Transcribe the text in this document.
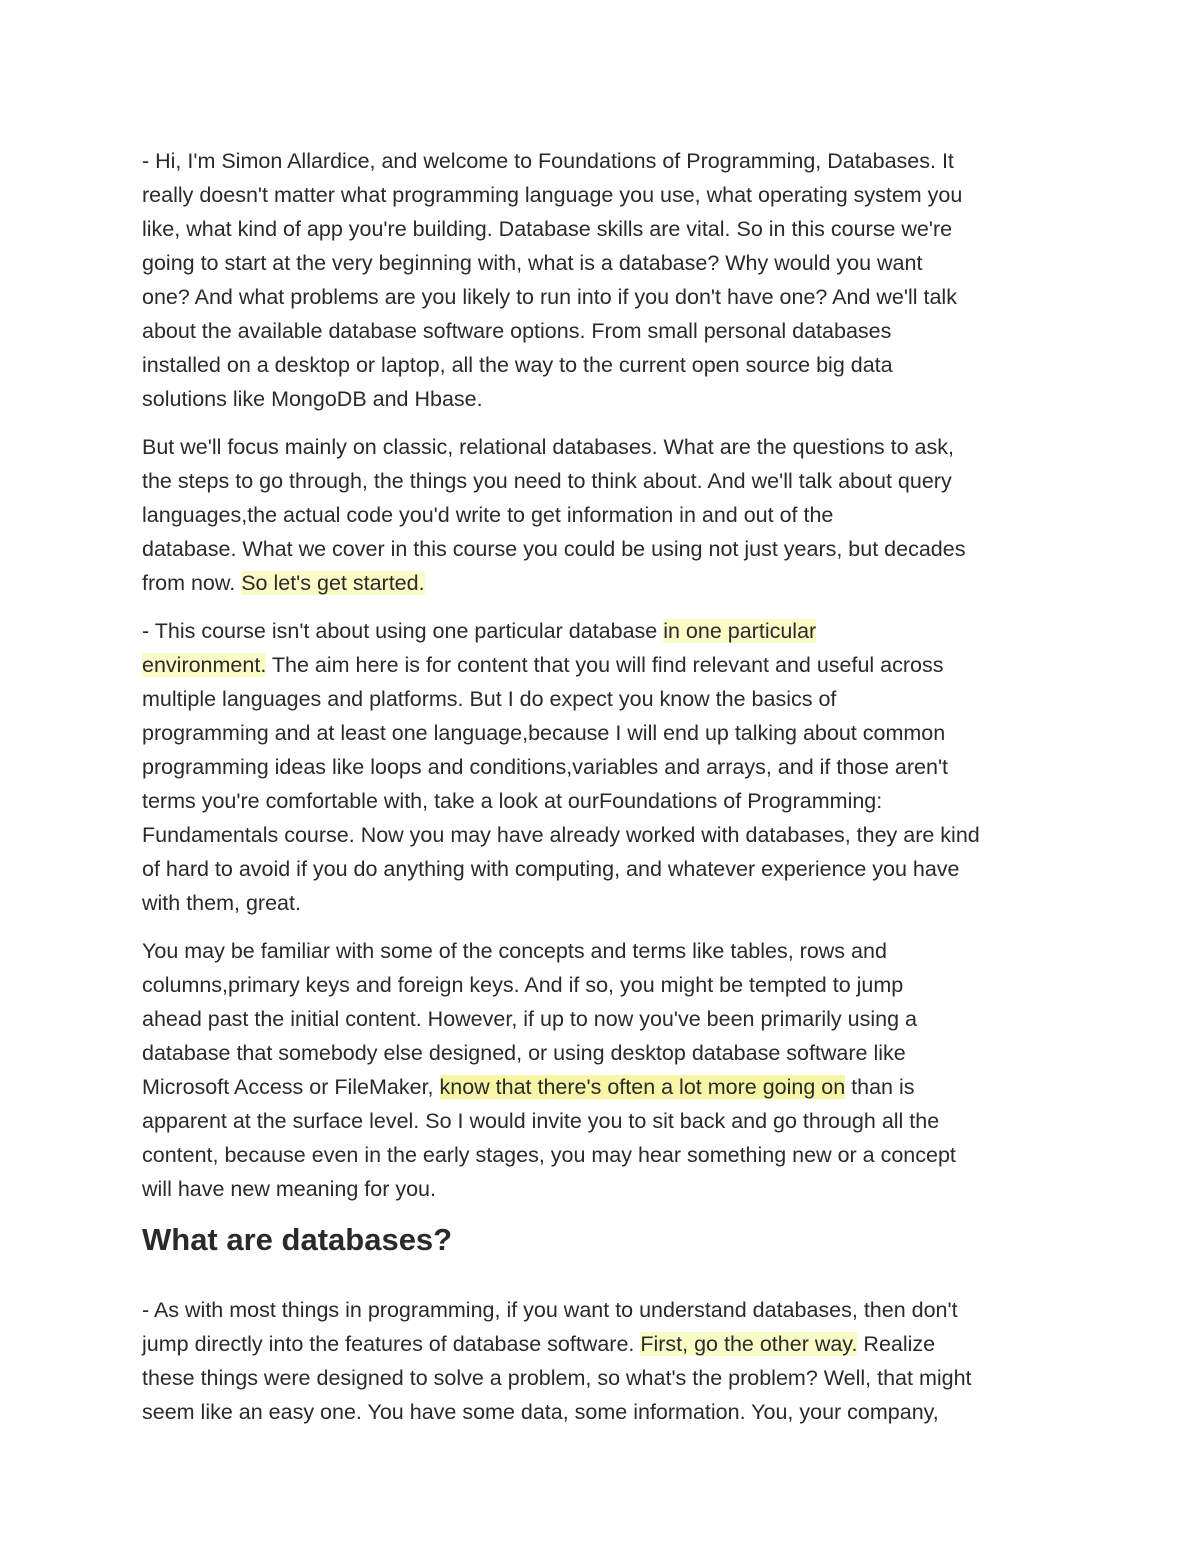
- Hi, I'm Simon Allardice, and welcome to Foundations of Programming, Databases. It
really doesn't matter what programming language you use, what operating system you
like, what kind of app you're building. Database skills are vital. So in this course we're
going to start at the very beginning with, what is a database? Why would you want
one? And what problems are you likely to run into if you don't have one? And we'll talk
about the available database software options. From small personal databases
installed on a desktop or laptop, all the way to the current open source big data
solutions like MongoDB and Hbase.
But we'll focus mainly on classic, relational databases. What are the questions to ask,
the steps to go through, the things you need to think about. And we'll talk about query
languages,the actual code you'd write to get information in and out of the
database. What we cover in this course you could be using not just years, but decades
from now. So let's get started.
- This course isn't about using one particular database in one particular
environment. The aim here is for content that you will find relevant and useful across
multiple languages and platforms. But I do expect you know the basics of
programming and at least one language,because I will end up talking about common
programming ideas like loops and conditions,variables and arrays, and if those aren't
terms you're comfortable with, take a look at ourFoundations of Programming:
Fundamentals course. Now you may have already worked with databases, they are kind
of hard to avoid if you do anything with computing, and whatever experience you have
with them, great.
You may be familiar with some of the concepts and terms like tables, rows and
columns,primary keys and foreign keys. And if so, you might be tempted to jump
ahead past the initial content. However, if up to now you've been primarily using a
database that somebody else designed, or using desktop database software like
Microsoft Access or FileMaker, know that there's often a lot more going on than is
apparent at the surface level. So I would invite you to sit back and go through all the
content, because even in the early stages, you may hear something new or a concept
will have new meaning for you.
What are databases?
- As with most things in programming, if you want to understand databases, then don't
jump directly into the features of database software. First, go the other way. Realize
these things were designed to solve a problem, so what's the problem? Well, that might
seem like an easy one. You have some data, some information. You, your company,
